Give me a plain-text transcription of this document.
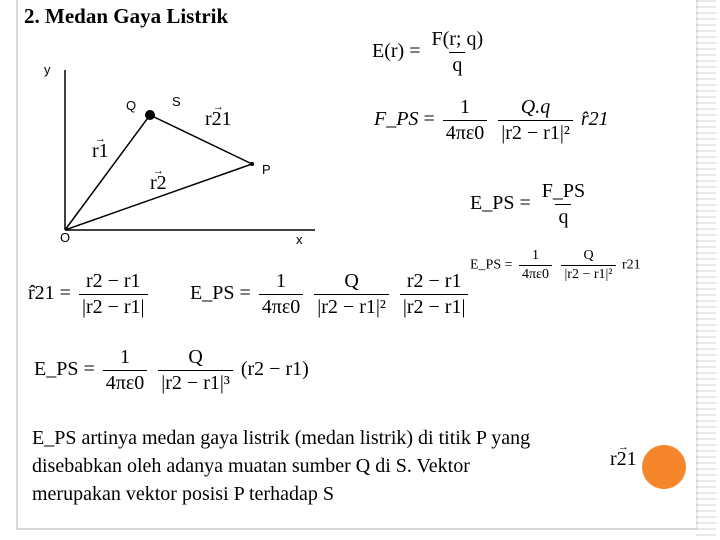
2. Medan Gaya Listrik
y
x
O
Q	S
P
→ r1
→ r2
→ r21
$E(r) = \frac{F(r; q)}{q}$
F_PS = $\frac{1}{4\pi\varepsilon 0}$
$\frac{Q.q}{\text{|r2 − r1|²}}$ r̂21
E_PS = $\frac{F\_PS}{q}$
E_PS = $\frac{1}{4\pi\varepsilon 0}$
$\frac{Q}{\text{|r2 − r1|²}} r21$
r̂21 = $\frac{r2 - r1}{|r2 - r1|}$ E_PS = $\frac{1}{4\pi\varepsilon 0}$
$\frac{Q}{\text{|r2 − r1|²}}$
$\frac{r2 - r1}{|r2 - r1|}$
E_PS = $\frac{1}{4\pi\varepsilon 0}$
$\frac{Q}{\text{|r2 − r1|³}} (r2 - r1)$
E_PS artinya medan gaya listrik (medan listrik) di titik P yang
disebabkan oleh adanya muatan sumber Q di S. Vektor
merupakan vektor posisi P terhadap S
→ r21
